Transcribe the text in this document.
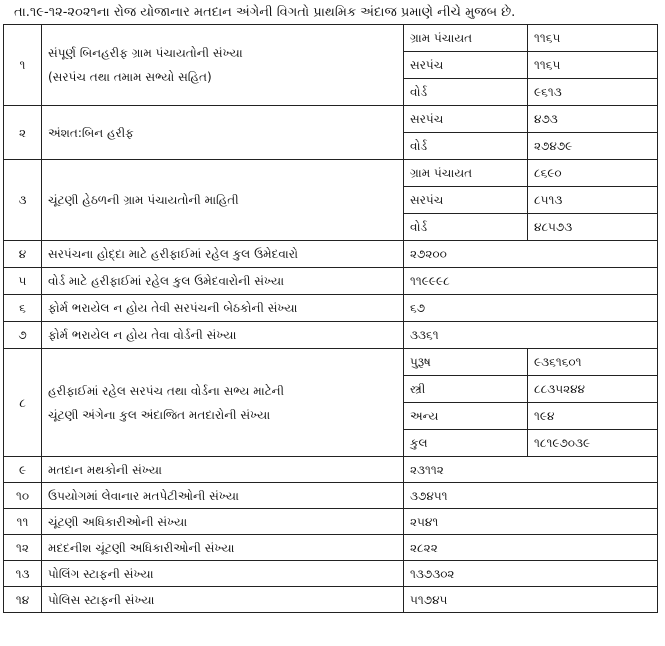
તા.૧૯-૧૨-૨૦૨૧ના રોજ યોજાનાર મતદાન અંગેની વિગતો પ્રાથમિક અંદાજ પ્રમાણે નીચે મુજબ છે.
૧	સંપૂર્ણ બિનહરીફ ગ્રામ પંચાયતોની સંખ્યા
(સરપંચ તથા તમામ સભ્યો સહિત)	ગ્રામ પંચાયત	૧૧૬૫
		સરપંચ	૧૧૬૫
		વોર્ડ	૯૬૧૩
૨	અંશત:બિન હરીફ	સરપંચ	૪૭૩
		વોર્ડ	૨૭૪૭૯
૩	ચૂંટણી હેઠળની ગ્રામ પંચાયતોની માહિતી	ગ્રામ પંચાયત	૮૬૯૦
		સરપંચ	૮૫૧૩
		વોર્ડ	૪૮૫૭૩
૪	સરપંચના હોદ્દા માટે હરીફાઈમાં રહેલ કુલ ઉમેદવારો	૨૭૨૦૦	
૫	વોર્ડ માટે હરીફાઈમાં રહેલ કુલ ઉમેદવારોની સંખ્યા	૧૧૯૯૯૮	
૬	ફોર્મ ભરાયેલ ન હોય તેવી સરપંચની બેઠકોની સંખ્યા	૬૭	
૭	ફોર્મ ભરાયેલ ન હોય તેવા વોર્ડની સંખ્યા	૩૩૬૧	
૮	હરીફાઈમાં રહેલ સરપંચ તથા વોર્ડના સભ્ય માટેની
ચૂંટણી અંગેના કુલ અંદાજિત મતદારોની સંખ્યા	પુરૂષ	૯૩૬૧૬૦૧
		સ્ત્રી	૮૮૩૫૨૪૪
		અન્ય	૧૯૪
		કુલ	૧૮૧૯૭૦૩૯
૯	મતદાન મથકોની સંખ્યા	૨૩૧૧૨	
૧૦	ઉપયોગમાં લેવાનાર મતપેટીઓની સંખ્યા	૩૭૪૫૧	
૧૧	ચૂંટણી અધિકારીઓની સંખ્યા	૨૫૪૧	
૧૨	મદદનીશ ચૂંટણી અધિકારીઓની સંખ્યા	૨૮૨૨	
૧૩	પોલિંગ સ્ટાફની સંખ્યા	૧૩૭૩૦૨	
૧૪	પોલિસ સ્ટાફની સંખ્યા	૫૧૭૪૫	
